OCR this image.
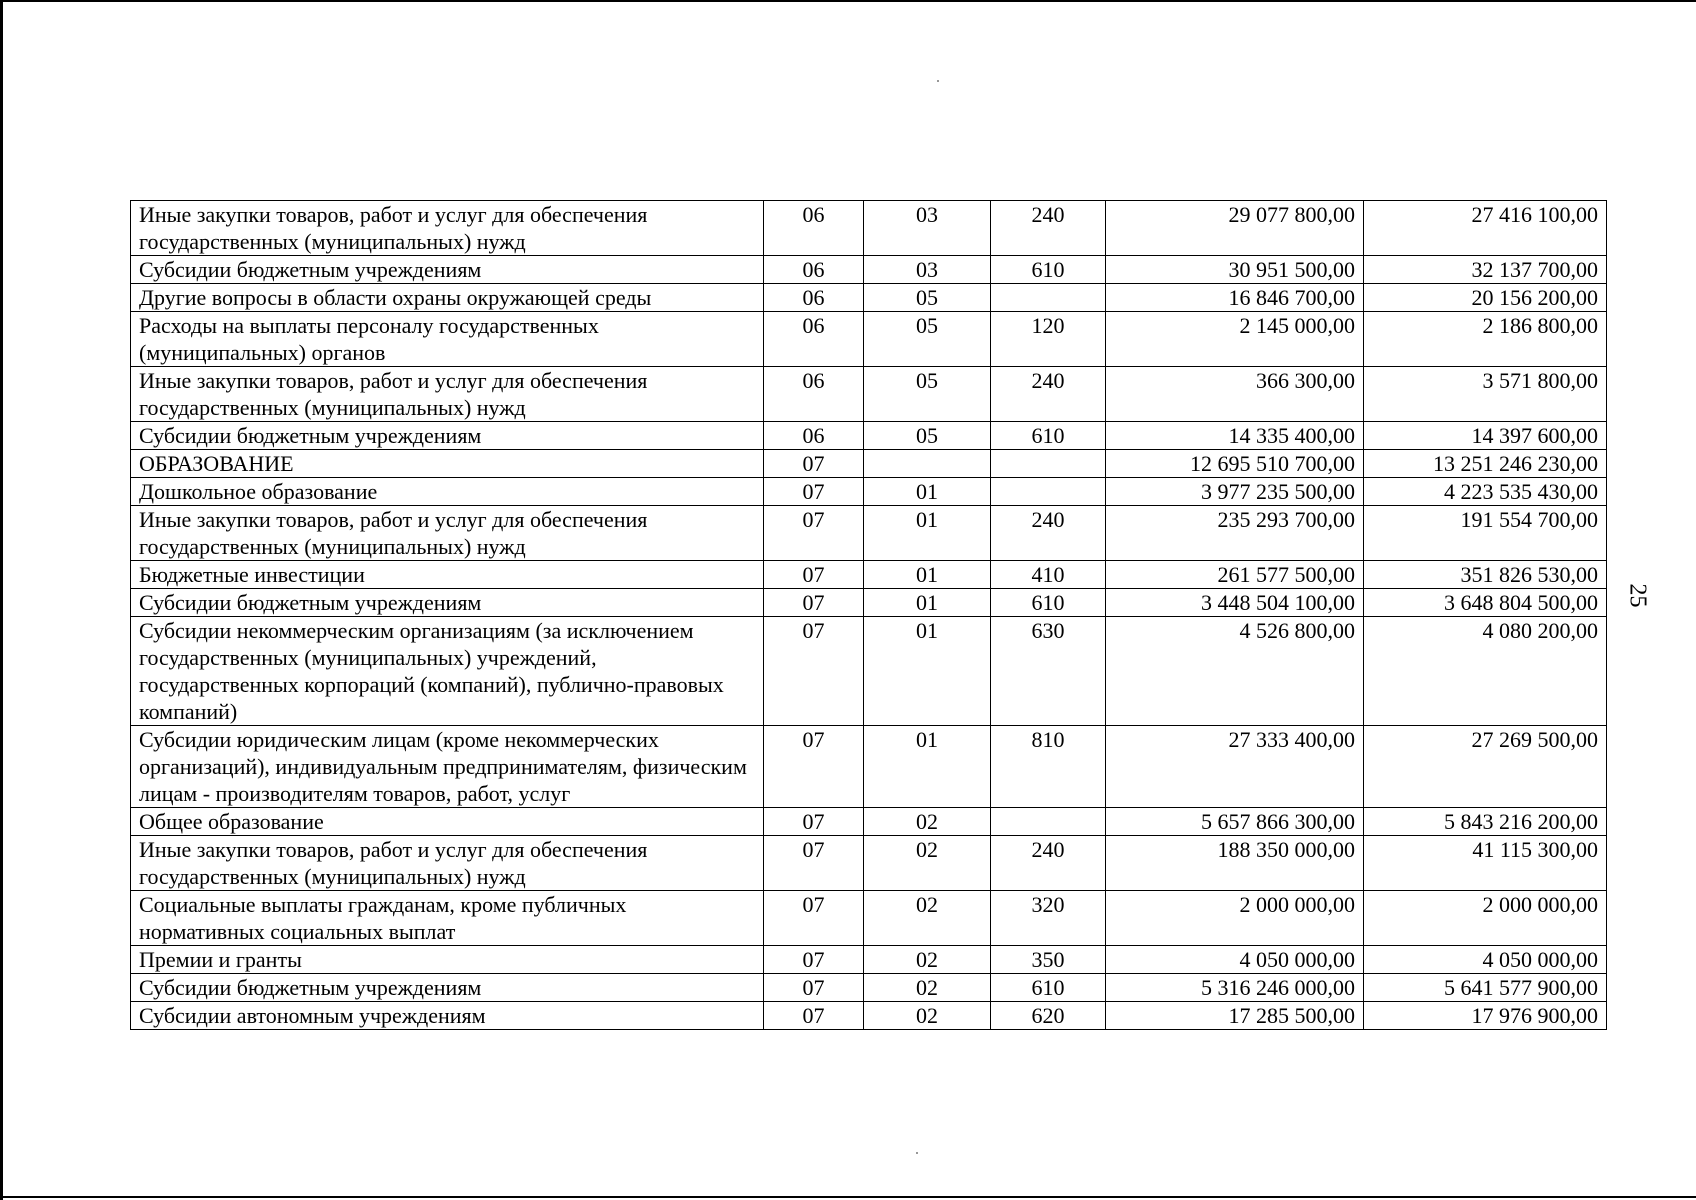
Иные закупки товаров, работ и услуг для обеспечения государственных (муниципальных) нужд	06	03	240	29 077 800,00	27 416 100,00
Субсидии бюджетным учреждениям	06	03	610	30 951 500,00	32 137 700,00
Другие вопросы в области охраны окружающей среды	06	05		16 846 700,00	20 156 200,00
Расходы на выплаты персоналу государственных (муниципальных) органов	06	05	120	2 145 000,00	2 186 800,00
Иные закупки товаров, работ и услуг для обеспечения государственных (муниципальных) нужд	06	05	240	366 300,00	3 571 800,00
Субсидии бюджетным учреждениям	06	05	610	14 335 400,00	14 397 600,00
ОБРАЗОВАНИЕ	07			12 695 510 700,00	13 251 246 230,00
Дошкольное образование	07	01		3 977 235 500,00	4 223 535 430,00
Иные закупки товаров, работ и услуг для обеспечения государственных (муниципальных) нужд	07	01	240	235 293 700,00	191 554 700,00
Бюджетные инвестиции	07	01	410	261 577 500,00	351 826 530,00
Субсидии бюджетным учреждениям	07	01	610	3 448 504 100,00	3 648 804 500,00
Субсидии некоммерческим организациям (за исключением государственных (муниципальных) учреждений, государственных корпораций (компаний), публично-правовых компаний)	07	01	630	4 526 800,00	4 080 200,00
Субсидии юридическим лицам (кроме некоммерческих организаций), индивидуальным предпринимателям, физическим лицам - производителям товаров, работ, услуг	07	01	810	27 333 400,00	27 269 500,00
Общее образование	07	02		5 657 866 300,00	5 843 216 200,00
Иные закупки товаров, работ и услуг для обеспечения государственных (муниципальных) нужд	07	02	240	188 350 000,00	41 115 300,00
Социальные выплаты гражданам, кроме публичных нормативных социальных выплат	07	02	320	2 000 000,00	2 000 000,00
Премии и гранты	07	02	350	4 050 000,00	4 050 000,00
Субсидии бюджетным учреждениям	07	02	610	5 316 246 000,00	5 641 577 900,00
Субсидии автономным учреждениям	07	02	620	17 285 500,00	17 976 900,00
25
